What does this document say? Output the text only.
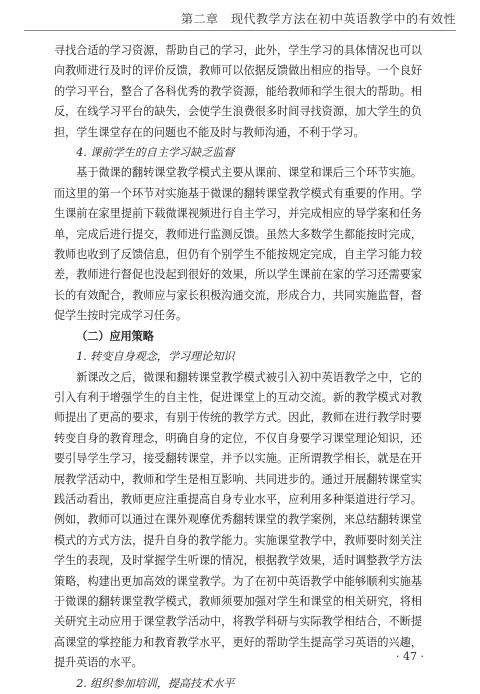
第二章　现代教学方法在初中英语教学中的有效性

寻找合适的学习资源，帮助自己的学习，此外，学生学习的具体情况也可以向教师进行及时的评价反馈，教师可以依据反馈做出相应的指导。一个良好的学习平台，整合了各科优秀的教学资源，能给教师和学生很大的帮助。相反，在线学习平台的缺失，会使学生浪费很多时间寻找资源，加大学生的负担，学生课堂存在的问题也不能及时与教师沟通，不利于学习。

4. 课前学生的自主学习缺乏监督

基于微课的翻转课堂教学模式主要从课前、课堂和课后三个环节实施。而这里的第一个环节对实施基于微课的翻转课堂教学模式有重要的作用。学生课前在家里提前下载微课视频进行自主学习，并完成相应的导学案和任务单，完成后进行提交，教师进行监测反馈。虽然大多数学生都能按时完成，教师也收到了反馈信息，但仍有个别学生不能按规定完成，自主学习能力较差，教师进行督促也没起到很好的效果，所以学生课前在家的学习还需要家长的有效配合，教师应与家长积极沟通交流，形成合力，共同实施监督，督促学生按时完成学习任务。

（二）应用策略

1. 转变自身观念，学习理论知识

新课改之后，微课和翻转课堂教学模式被引入初中英语教学之中，它的引入有利于增强学生的自主性，促进课堂上的互动交流。新的教学模式对教师提出了更高的要求，有别于传统的教学方式。因此，教师在进行教学时要转变自身的教育理念，明确自身的定位，不仅自身要学习课堂理论知识，还要引导学生学习，接受翻转课堂，并予以实施。正所谓教学相长，就是在开展教学活动中，教师和学生是相互影响、共同进步的。通过开展翻转课堂实践活动看出，教师更应注重提高自身专业水平，应利用多种渠道进行学习。例如，教师可以通过在课外观摩优秀翻转课堂的教学案例，来总结翻转课堂模式的方式方法，提升自身的教学能力。实施课堂教学中，教师要时刻关注学生的表现，及时掌握学生听课的情况，根据教学效果，适时调整教学方法策略，构建出更加高效的课堂教学。为了在初中英语教学中能够顺利实施基于微课的翻转课堂教学模式，教师须要加强对学生和课堂的相关研究，将相关研究主动应用于课堂教学活动中，将教学科研与实际教学相结合，不断提高课堂的掌控能力和教育教学水平，更好的帮助学生提高学习英语的兴趣，提升英语的水平。

2. 组织参加培训，提高技术水平

· 47 ·
